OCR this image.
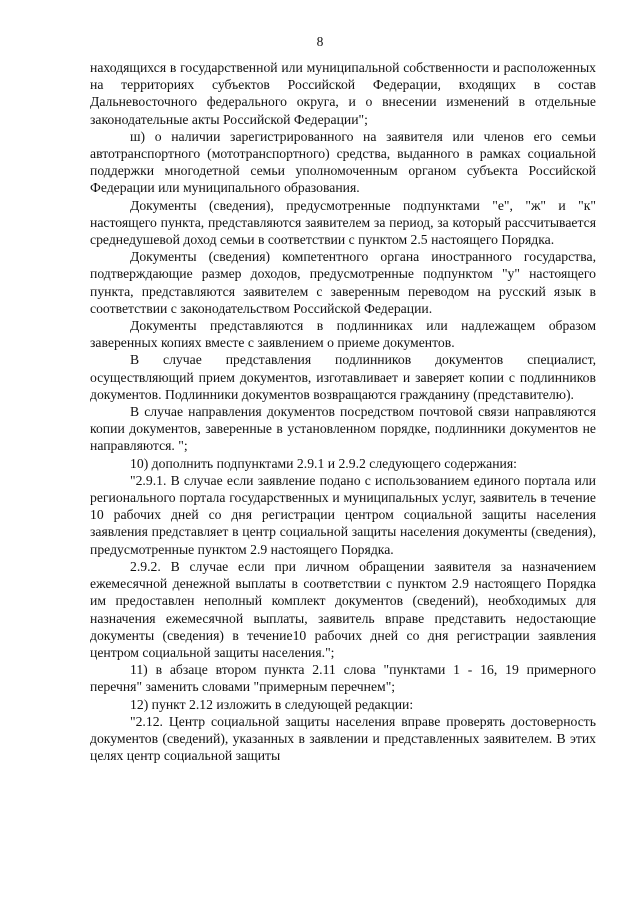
8

находящихся в государственной или муниципальной собственности и расположенных на территориях субъектов Российской Федерации, входящих в состав Дальневосточного федерального округа, и о внесении изменений в отдельные законодательные акты Российской Федерации";

ш) о наличии зарегистрированного на заявителя или членов его семьи автотранспортного (мототранспортного) средства, выданного в рамках социальной поддержки многодетной семьи уполномоченным органом субъекта Российской Федерации или муниципального образования.

Документы (сведения), предусмотренные подпунктами "е", "ж" и "к" настоящего пункта, представляются заявителем за период, за который рассчитывается среднедушевой доход семьи в соответствии с пунктом 2.5 настоящего Порядка.

Документы (сведения) компетентного органа иностранного государства, подтверждающие размер доходов, предусмотренные подпунктом "у" настоящего пункта, представляются заявителем с заверенным переводом на русский язык в соответствии с законодательством Российской Федерации.

Документы представляются в подлинниках или надлежащем образом заверенных копиях вместе с заявлением о приеме документов.

В случае представления подлинников документов специалист, осуществляющий прием документов, изготавливает и заверяет копии с подлинников документов. Подлинники документов возвращаются гражданину (представителю).

В случае направления документов посредством почтовой связи направляются копии документов, заверенные в установленном порядке, подлинники документов не направляются. ";

10) дополнить подпунктами 2.9.1 и 2.9.2 следующего содержания:

"2.9.1. В случае если заявление подано с использованием единого портала или регионального портала государственных и муниципальных услуг, заявитель в течение 10 рабочих дней со дня регистрации центром социальной защиты населения заявления представляет в центр социальной защиты населения документы (сведения), предусмотренные пунктом 2.9 настоящего Порядка.

2.9.2. В случае если при личном обращении заявителя за назначением ежемесячной денежной выплаты в соответствии с пунктом 2.9 настоящего Порядка им предоставлен неполный комплект документов (сведений), необходимых для назначения ежемесячной выплаты, заявитель вправе представить недостающие документы (сведения) в течение10 рабочих дней со дня регистрации заявления центром социальной защиты населения.";

11) в абзаце втором пункта 2.11 слова "пунктами 1 - 16, 19 примерного перечня" заменить словами "примерным перечнем";

12) пункт 2.12 изложить в следующей редакции:

"2.12. Центр социальной защиты населения вправе проверять достоверность документов (сведений), указанных в заявлении и представленных заявителем. В этих целях центр социальной защиты
